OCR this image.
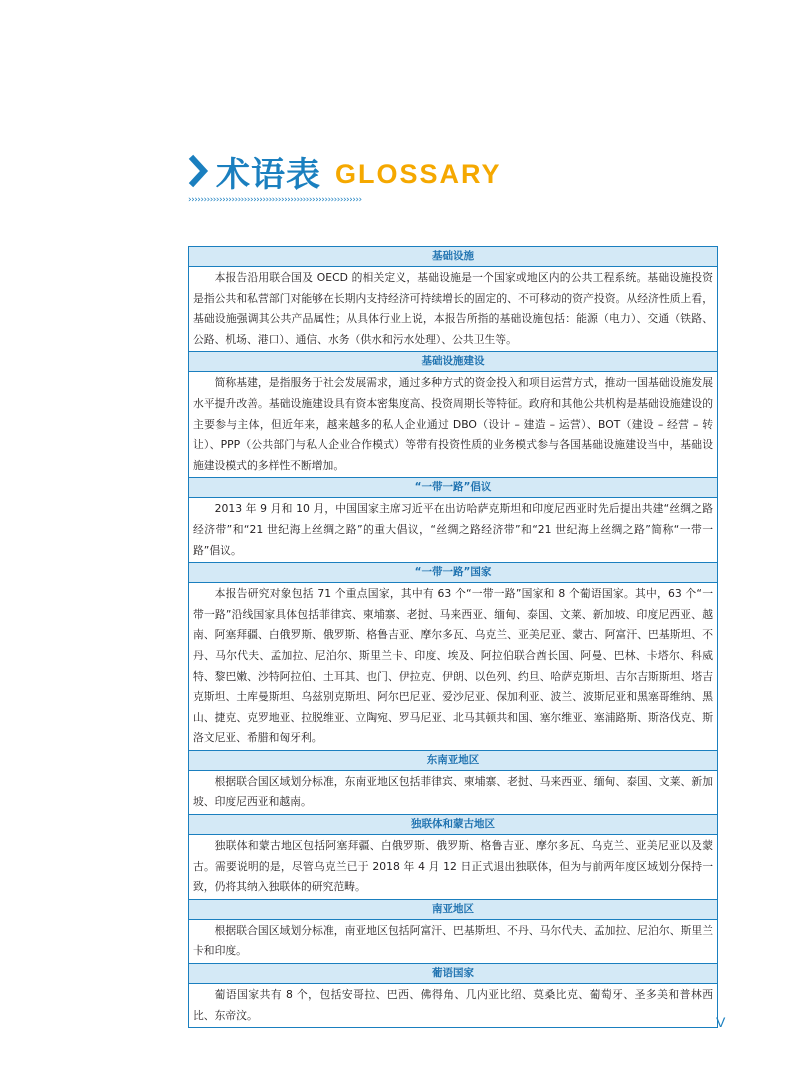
术语表 GLOSSARY
››››››››››››››››››››››››››››››››››››››››››››››››››››››››
基础设施
本报告沿用联合国及 OECD 的相关定义，基础设施是一个国家或地区内的公共工程系统。基础设施投资是指公共和私营部门对能够在长期内支持经济可持续增长的固定的、不可移动的资产投资。从经济性质上看，基础设施强调其公共产品属性；从具体行业上说，本报告所指的基础设施包括：能源（电力）、交通（铁路、公路、机场、港口）、通信、水务（供水和污水处理）、公共卫生等。
基础设施建设
简称基建，是指服务于社会发展需求，通过多种方式的资金投入和项目运营方式，推动一国基础设施发展水平提升改善。基础设施建设具有资本密集度高、投资周期长等特征。政府和其他公共机构是基础设施建设的主要参与主体，但近年来，越来越多的私人企业通过 DBO（设计 – 建造 – 运营）、BOT（建设 – 经营 – 转让）、PPP（公共部门与私人企业合作模式）等带有投资性质的业务模式参与各国基础设施建设当中，基础设施建设模式的多样性不断增加。
“一带一路”倡议
2013 年 9 月和 10 月，中国国家主席习近平在出访哈萨克斯坦和印度尼西亚时先后提出共建“丝绸之路经济带”和“21 世纪海上丝绸之路”的重大倡议，“丝绸之路经济带”和“21 世纪海上丝绸之路”简称“一带一路”倡议。
“一带一路”国家
本报告研究对象包括 71 个重点国家，其中有 63 个“一带一路”国家和 8 个葡语国家。其中，63 个“一带一路”沿线国家具体包括菲律宾、柬埔寨、老挝、马来西亚、缅甸、泰国、文莱、新加坡、印度尼西亚、越南、阿塞拜疆、白俄罗斯、俄罗斯、格鲁吉亚、摩尔多瓦、乌克兰、亚美尼亚、蒙古、阿富汗、巴基斯坦、不丹、马尔代夫、孟加拉、尼泊尔、斯里兰卡、印度、埃及、阿拉伯联合酋长国、阿曼、巴林、卡塔尔、科威特、黎巴嫩、沙特阿拉伯、土耳其、也门、伊拉克、伊朗、以色列、约旦、哈萨克斯坦、吉尔吉斯斯坦、塔吉克斯坦、土库曼斯坦、乌兹别克斯坦、阿尔巴尼亚、爱沙尼亚、保加利亚、波兰、波斯尼亚和黑塞哥维纳、黑山、捷克、克罗地亚、拉脱维亚、立陶宛、罗马尼亚、北马其顿共和国、塞尔维亚、塞浦路斯、斯洛伐克、斯洛文尼亚、希腊和匈牙利。
东南亚地区
根据联合国区域划分标准，东南亚地区包括菲律宾、柬埔寨、老挝、马来西亚、缅甸、泰国、文莱、新加坡、印度尼西亚和越南。
独联体和蒙古地区
独联体和蒙古地区包括阿塞拜疆、白俄罗斯、俄罗斯、格鲁吉亚、摩尔多瓦、乌克兰、亚美尼亚以及蒙古。需要说明的是，尽管乌克兰已于 2018 年 4 月 12 日正式退出独联体，但为与前两年度区域划分保持一致，仍将其纳入独联体的研究范畴。
南亚地区
根据联合国区域划分标准，南亚地区包括阿富汗、巴基斯坦、不丹、马尔代夫、孟加拉、尼泊尔、斯里兰卡和印度。
葡语国家
葡语国家共有 8 个，包括安哥拉、巴西、佛得角、几内亚比绍、莫桑比克、葡萄牙、圣多美和普林西比、东帝汶。	V
